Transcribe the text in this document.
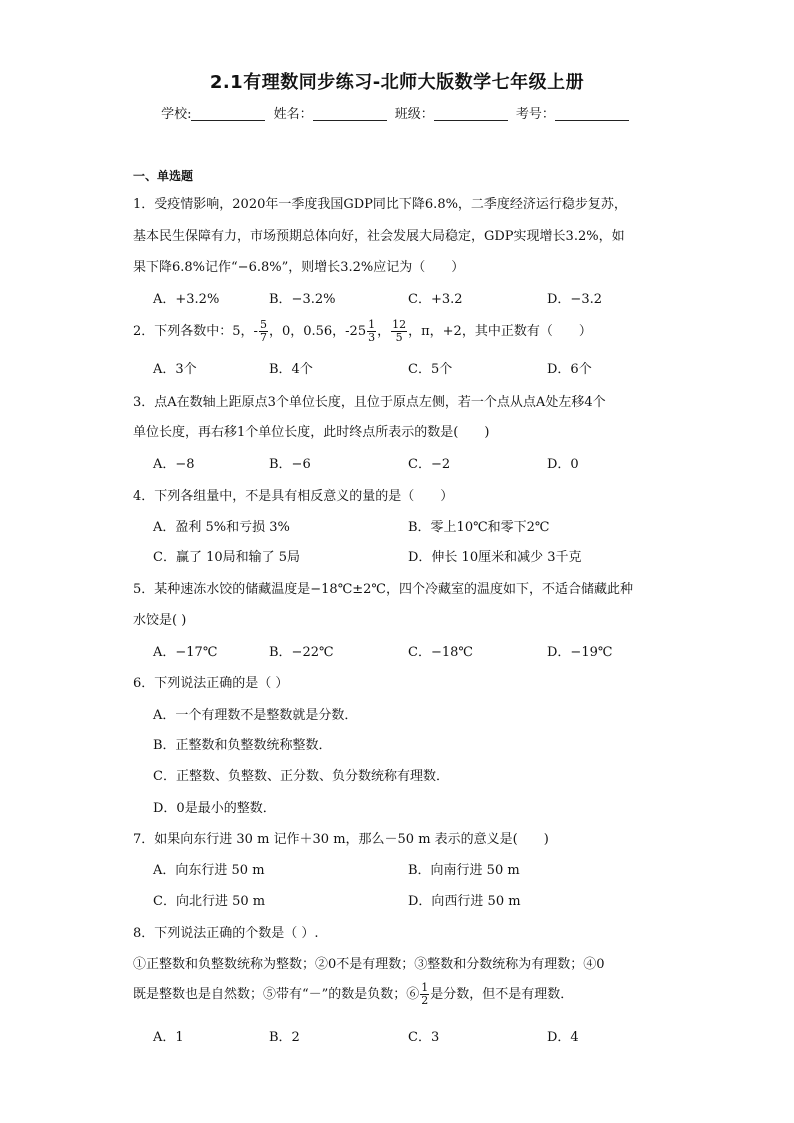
2.1有理数同步练习-北师大版数学七年级上册
学校:	姓名：	班级：	考号：
一、单选题
1．受疫情影响，2020年一季度我国GDP同比下降6.8%，二季度经济运行稳步复苏，
基本民生保障有力，市场预期总体向好，社会发展大局稳定，GDP实现增长3.2%，如
果下降6.8%记作“−6.8%”，则增长3.2%应记为（　　）
A．+3.2%	B．−3.2%	C．+3.2	D．−3.2
2．下列各数中：5，- $\frac{5}{7}$ ，0，0.56，$-25 \frac{1}{3}$ ， $\frac{12}{5}$ ，π，+2，其中正数有（　　）
A．3个	B．4个	C．5个	D．6个
3．点A在数轴上距原点3个单位长度，且位于原点左侧，若一个点从点A处左移4个
单位长度，再右移1个单位长度，此时终点所表示的数是(　　)
A．−8	B．−6	C．−2	D．0
4．下列各组量中，不是具有相反意义的量的是（　　）
A．盈利 5%和亏损 3%	B．零上10℃和零下2℃
C．赢了 10局和输了 5局	D．伸长 10厘米和减少 3千克
5．某种速冻水饺的储藏温度是−18℃±2℃，四个冷藏室的温度如下，不适合储藏此种
水饺是( )
A．−17℃	B．−22℃	C．−18℃	D．−19℃
6．下列说法正确的是（ ）
A．一个有理数不是整数就是分数．
B．正整数和负整数统称整数．
C．正整数、负整数、正分数、负分数统称有理数．
D．0是最小的整数．
7．如果向东行进 30 m 记作＋30 m，那么－50 m 表示的意义是(　　)
A．向东行进 50 m	B．向南行进 50 m
C．向北行进 50 m	D．向西行进 50 m
8．下列说法正确的个数是（ ）.
①正整数和负整数统称为整数；②0不是有理数；③整数和分数统称为有理数；④0
既是整数也是自然数；⑤带有“－”的数是负数；⑥ $\frac{1}{2}$ 是分数，但不是有理数．
A．1	B．2	C．3	D．4
